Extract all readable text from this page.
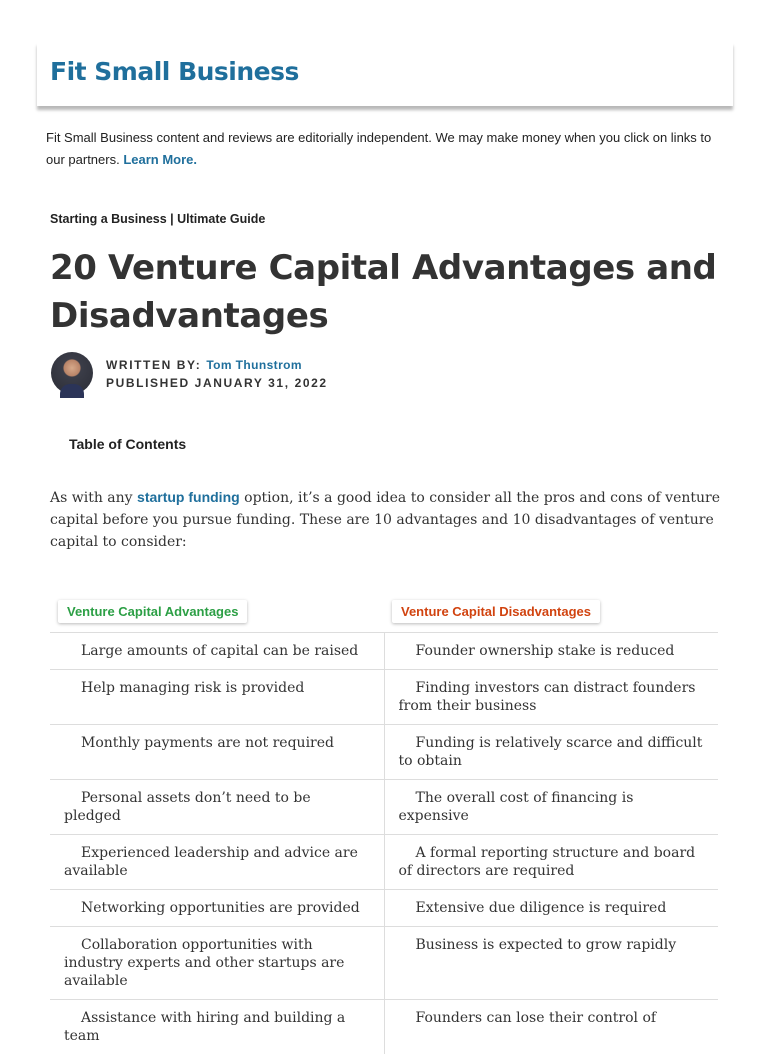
Fit Small Business
Fit Small Business content and reviews are editorially independent. We may make money when you click on links to our partners. Learn More.
Starting a Business | Ultimate Guide
20 Venture Capital Advantages and Disadvantages
WRITTEN BY: Tom Thunstrom
PUBLISHED JANUARY 31, 2022
Table of Contents
As with any startup funding option, it’s a good idea to consider all the pros and cons of venture capital before you pursue funding. These are 10 advantages and 10 disadvantages of venture capital to consider:
Venture Capital Advantages	Venture Capital Disadvantages
Large amounts of capital can be raised	Founder ownership stake is reduced
Help managing risk is provided	Finding investors can distract founders from their business
Monthly payments are not required	Funding is relatively scarce and difficult to obtain
Personal assets don’t need to be pledged	The overall cost of financing is expensive
Experienced leadership and advice are available	A formal reporting structure and board of directors are required
Networking opportunities are provided	Extensive due diligence is required
Collaboration opportunities with industry experts and other startups are available	Business is expected to grow rapidly
Assistance with hiring and building a team	Founders can lose their control of
